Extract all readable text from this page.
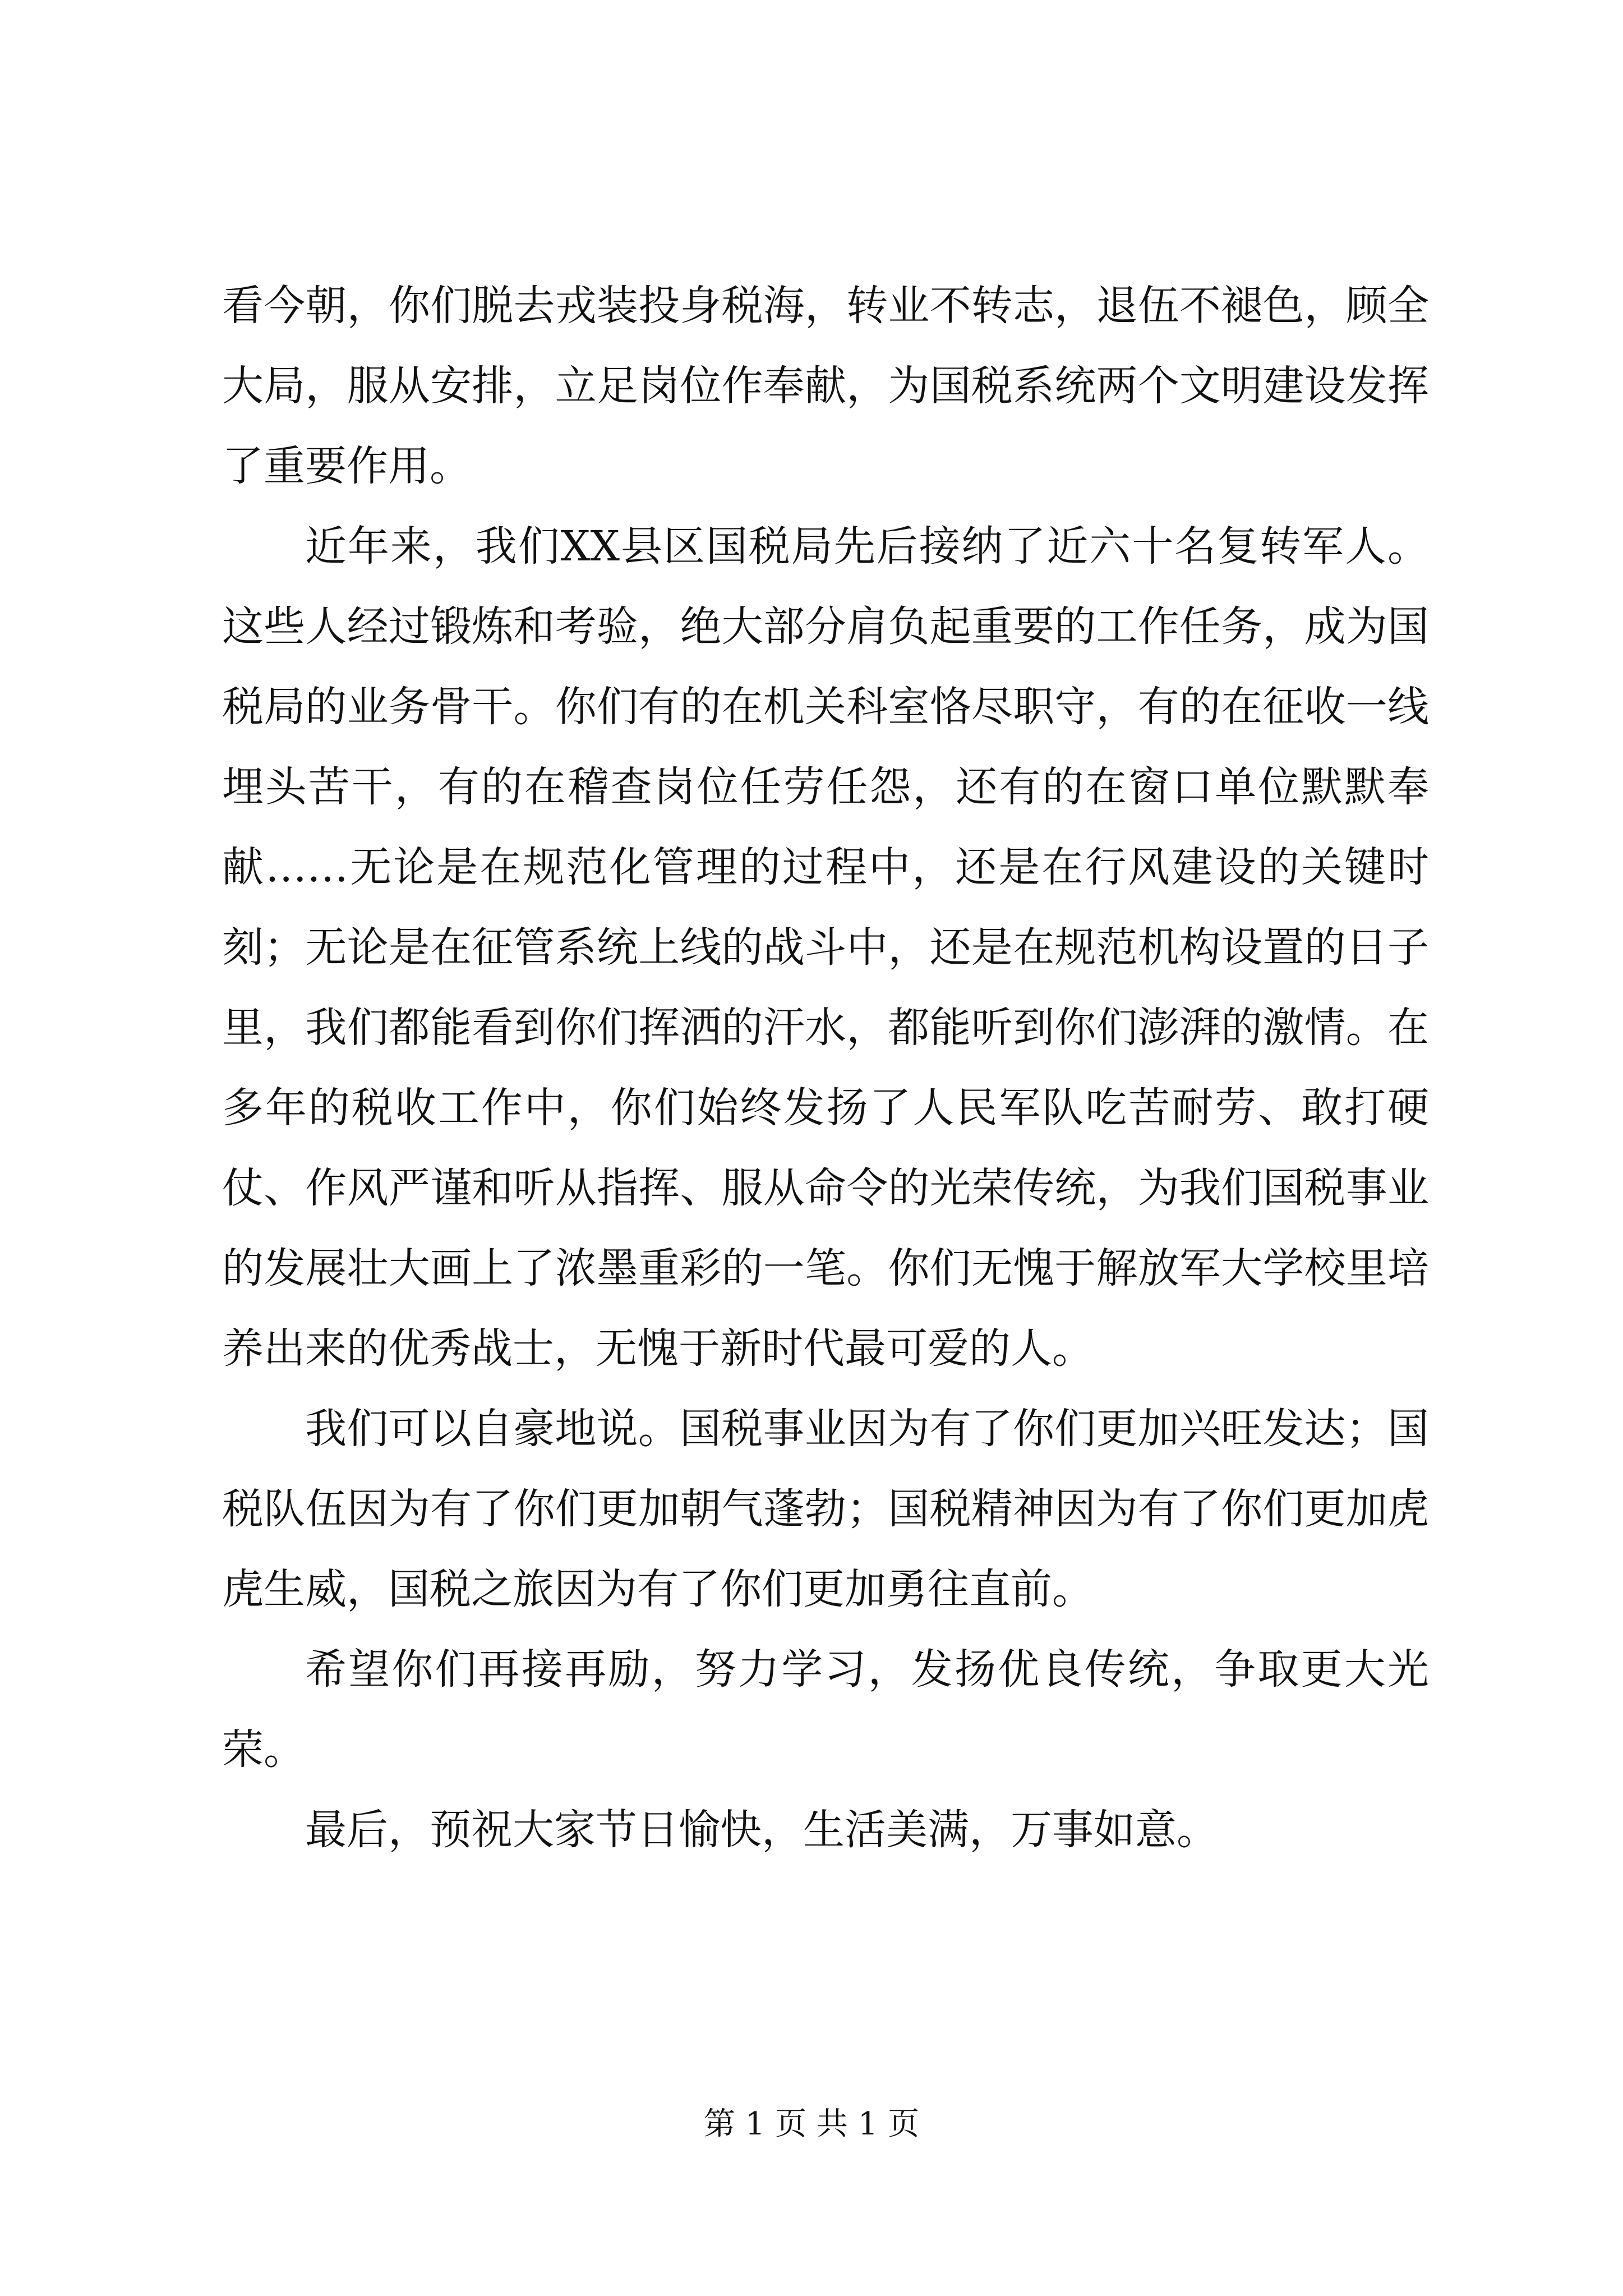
看今朝，你们脱去戎装投身税海，转业不转志，退伍不褪色，顾全大局，服从安排，立足岗位作奉献，为国税系统两个文明建设发挥了重要作用。

近年来，我们XX县区国税局先后接纳了近六十名复转军人。这些人经过锻炼和考验，绝大部分肩负起重要的工作任务，成为国税局的业务骨干。你们有的在机关科室恪尽职守，有的在征收一线埋头苦干，有的在稽查岗位任劳任怨，还有的在窗口单位默默奉献……无论是在规范化管理的过程中，还是在行风建设的关键时刻；无论是在征管系统上线的战斗中，还是在规范机构设置的日子里，我们都能看到你们挥洒的汗水，都能听到你们澎湃的激情。在多年的税收工作中，你们始终发扬了人民军队吃苦耐劳、敢打硬仗、作风严谨和听从指挥、服从命令的光荣传统，为我们国税事业的发展壮大画上了浓墨重彩的一笔。你们无愧于解放军大学校里培养出来的优秀战士，无愧于新时代最可爱的人。

我们可以自豪地说。国税事业因为有了你们更加兴旺发达；国税队伍因为有了你们更加朝气蓬勃；国税精神因为有了你们更加虎虎生威，国税之旅因为有了你们更加勇往直前。

希望你们再接再励，努力学习，发扬优良传统，争取更大光荣。

最后，预祝大家节日愉快，生活美满，万事如意。

第 1 页 共 1 页
